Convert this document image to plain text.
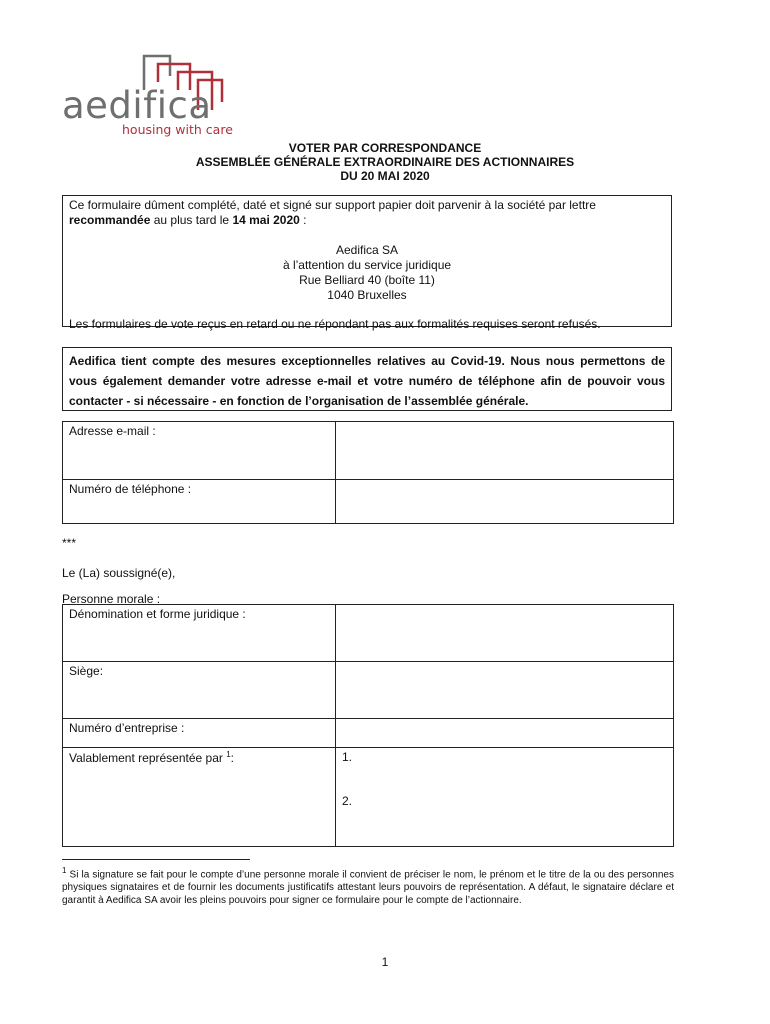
aedifica
housing with care
VOTER PAR CORRESPONDANCE
ASSEMBLÉE GÉNÉRALE EXTRAORDINAIRE DES ACTIONNAIRES
DU 20 MAI 2020

Ce formulaire dûment complété, daté et signé sur support papier doit parvenir à la société par lettre recommandée au plus tard le 14 mai 2020 :

Aedifica SA

à l’attention du service juridique

Rue Belliard 40 (boîte 11)

1040 Bruxelles

Les formulaires de vote reçus en retard ou ne répondant pas aux formalités requises seront refusés.

Aedifica tient compte des mesures exceptionnelles relatives au Covid-19. Nous nous permettons de vous également demander votre adresse e-mail et votre numéro de téléphone afin de pouvoir vous contacter - si nécessaire - en fonction de l’organisation de l’assemblée générale.
Adresse e-mail :	
Numéro de téléphone :	
***
Le (La) soussigné(e),
Personne morale :
Dénomination et forme juridique :	
Siège:	
Numéro d’entreprise :	
Valablement représentée par $^1$:	1.
2.
$^1$ Si la signature se fait pour le compte d’une personne morale il convient de préciser le nom, le prénom et le titre de la ou des personnes physiques signataires et de fournir les documents justificatifs attestant leurs pouvoirs de représentation. A défaut, le signataire déclare et garantit à Aedifica SA avoir les pleins pouvoirs pour signer ce formulaire pour le compte de l’actionnaire.
1
